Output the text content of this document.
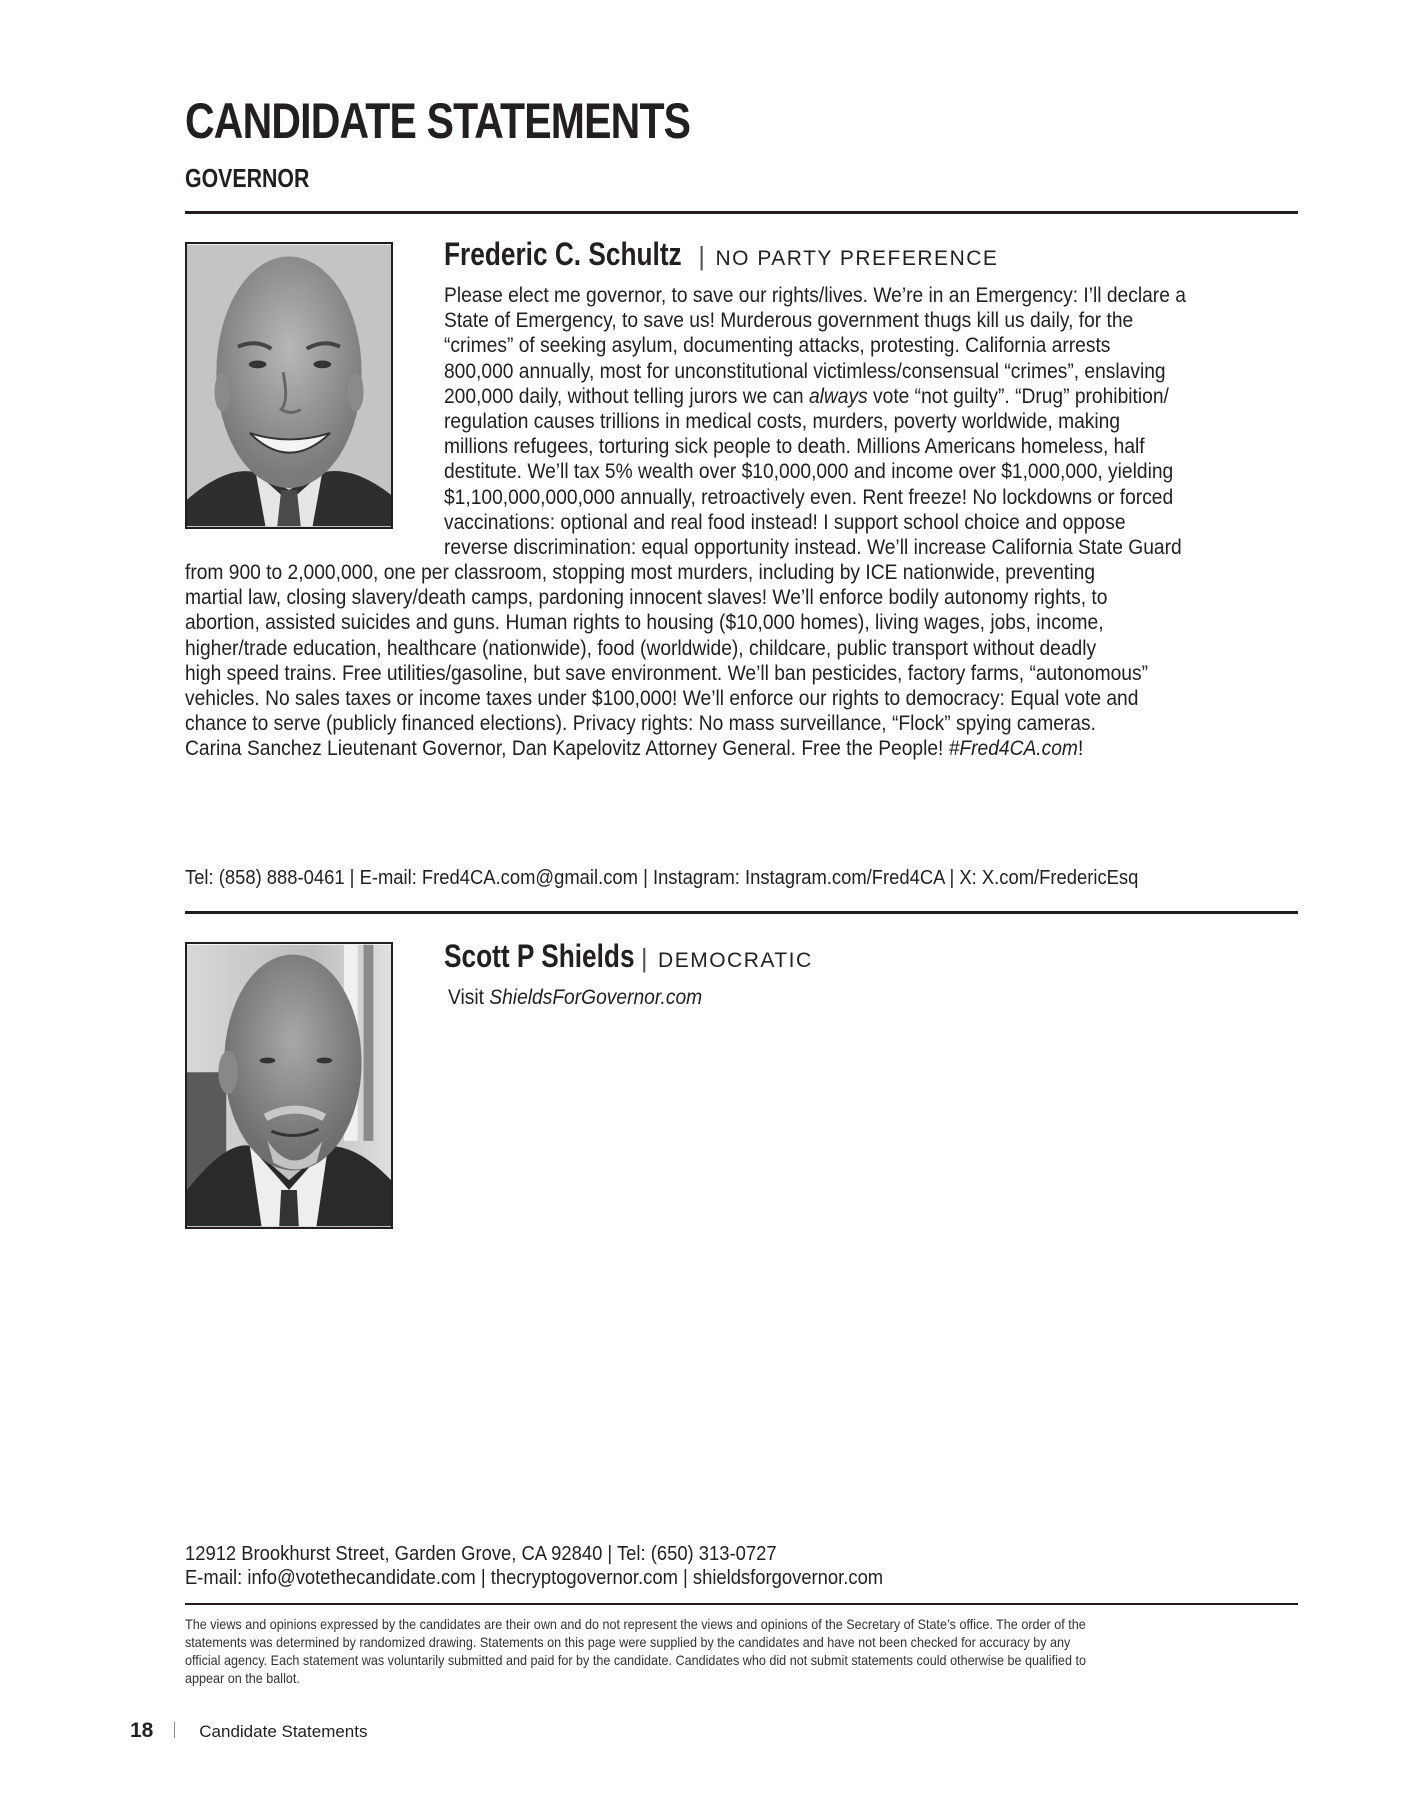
CANDIDATE STATEMENTS
GOVERNOR
Frederic C. Schultz | NO PARTY PREFERENCE
Please elect me governor, to save our rights/lives. We’re in an Emergency: I’ll declare a
State of Emergency, to save us! Murderous government thugs kill us daily, for the
“crimes” of seeking asylum, documenting attacks, protesting. California arrests
800,000 annually, most for unconstitutional victimless/consensual “crimes”, enslaving
200,000 daily, without telling jurors we can always vote “not guilty”. “Drug” prohibition/
regulation causes trillions in medical costs, murders, poverty worldwide, making
millions refugees, torturing sick people to death. Millions Americans homeless, half
destitute. We’ll tax 5% wealth over $10,000,000 and income over $1,000,000, yielding
$1,100,000,000,000 annually, retroactively even. Rent freeze! No lockdowns or forced
vaccinations: optional and real food instead! I support school choice and oppose
reverse discrimination: equal opportunity instead. We’ll increase California State Guard
from 900 to 2,000,000, one per classroom, stopping most murders, including by ICE nationwide, preventing
martial law, closing slavery/death camps, pardoning innocent slaves! We’ll enforce bodily autonomy rights, to
abortion, assisted suicides and guns. Human rights to housing ($10,000 homes), living wages, jobs, income,
higher/trade education, healthcare (nationwide), food (worldwide), childcare, public transport without deadly
high speed trains. Free utilities/gasoline, but save environment. We’ll ban pesticides, factory farms, “autonomous”
vehicles. No sales taxes or income taxes under $100,000! We’ll enforce our rights to democracy: Equal vote and
chance to serve (publicly financed elections). Privacy rights: No mass surveillance, “Flock” spying cameras.
Carina Sanchez Lieutenant Governor, Dan Kapelovitz Attorney General. Free the People! #Fred4CA.com!
Tel: (858) 888-0461 | E-mail: Fred4CA.com@gmail.com | Instagram: Instagram.com/Fred4CA | X: X.com/FredericEsq
Scott P Shields | DEMOCRATIC
Visit ShieldsForGovernor.com
12912 Brookhurst Street, Garden Grove, CA 92840 | Tel: (650) 313-0727
E-mail: info@votethecandidate.com | thecryptogovernor.com | shieldsforgovernor.com
The views and opinions expressed by the candidates are their own and do not represent the views and opinions of the Secretary of State’s office. The order of the
statements was determined by randomized drawing. Statements on this page were supplied by the candidates and have not been checked for accuracy by any
official agency. Each statement was voluntarily submitted and paid for by the candidate. Candidates who did not submit statements could otherwise be qualified to
appear on the ballot.
18	Candidate Statements
